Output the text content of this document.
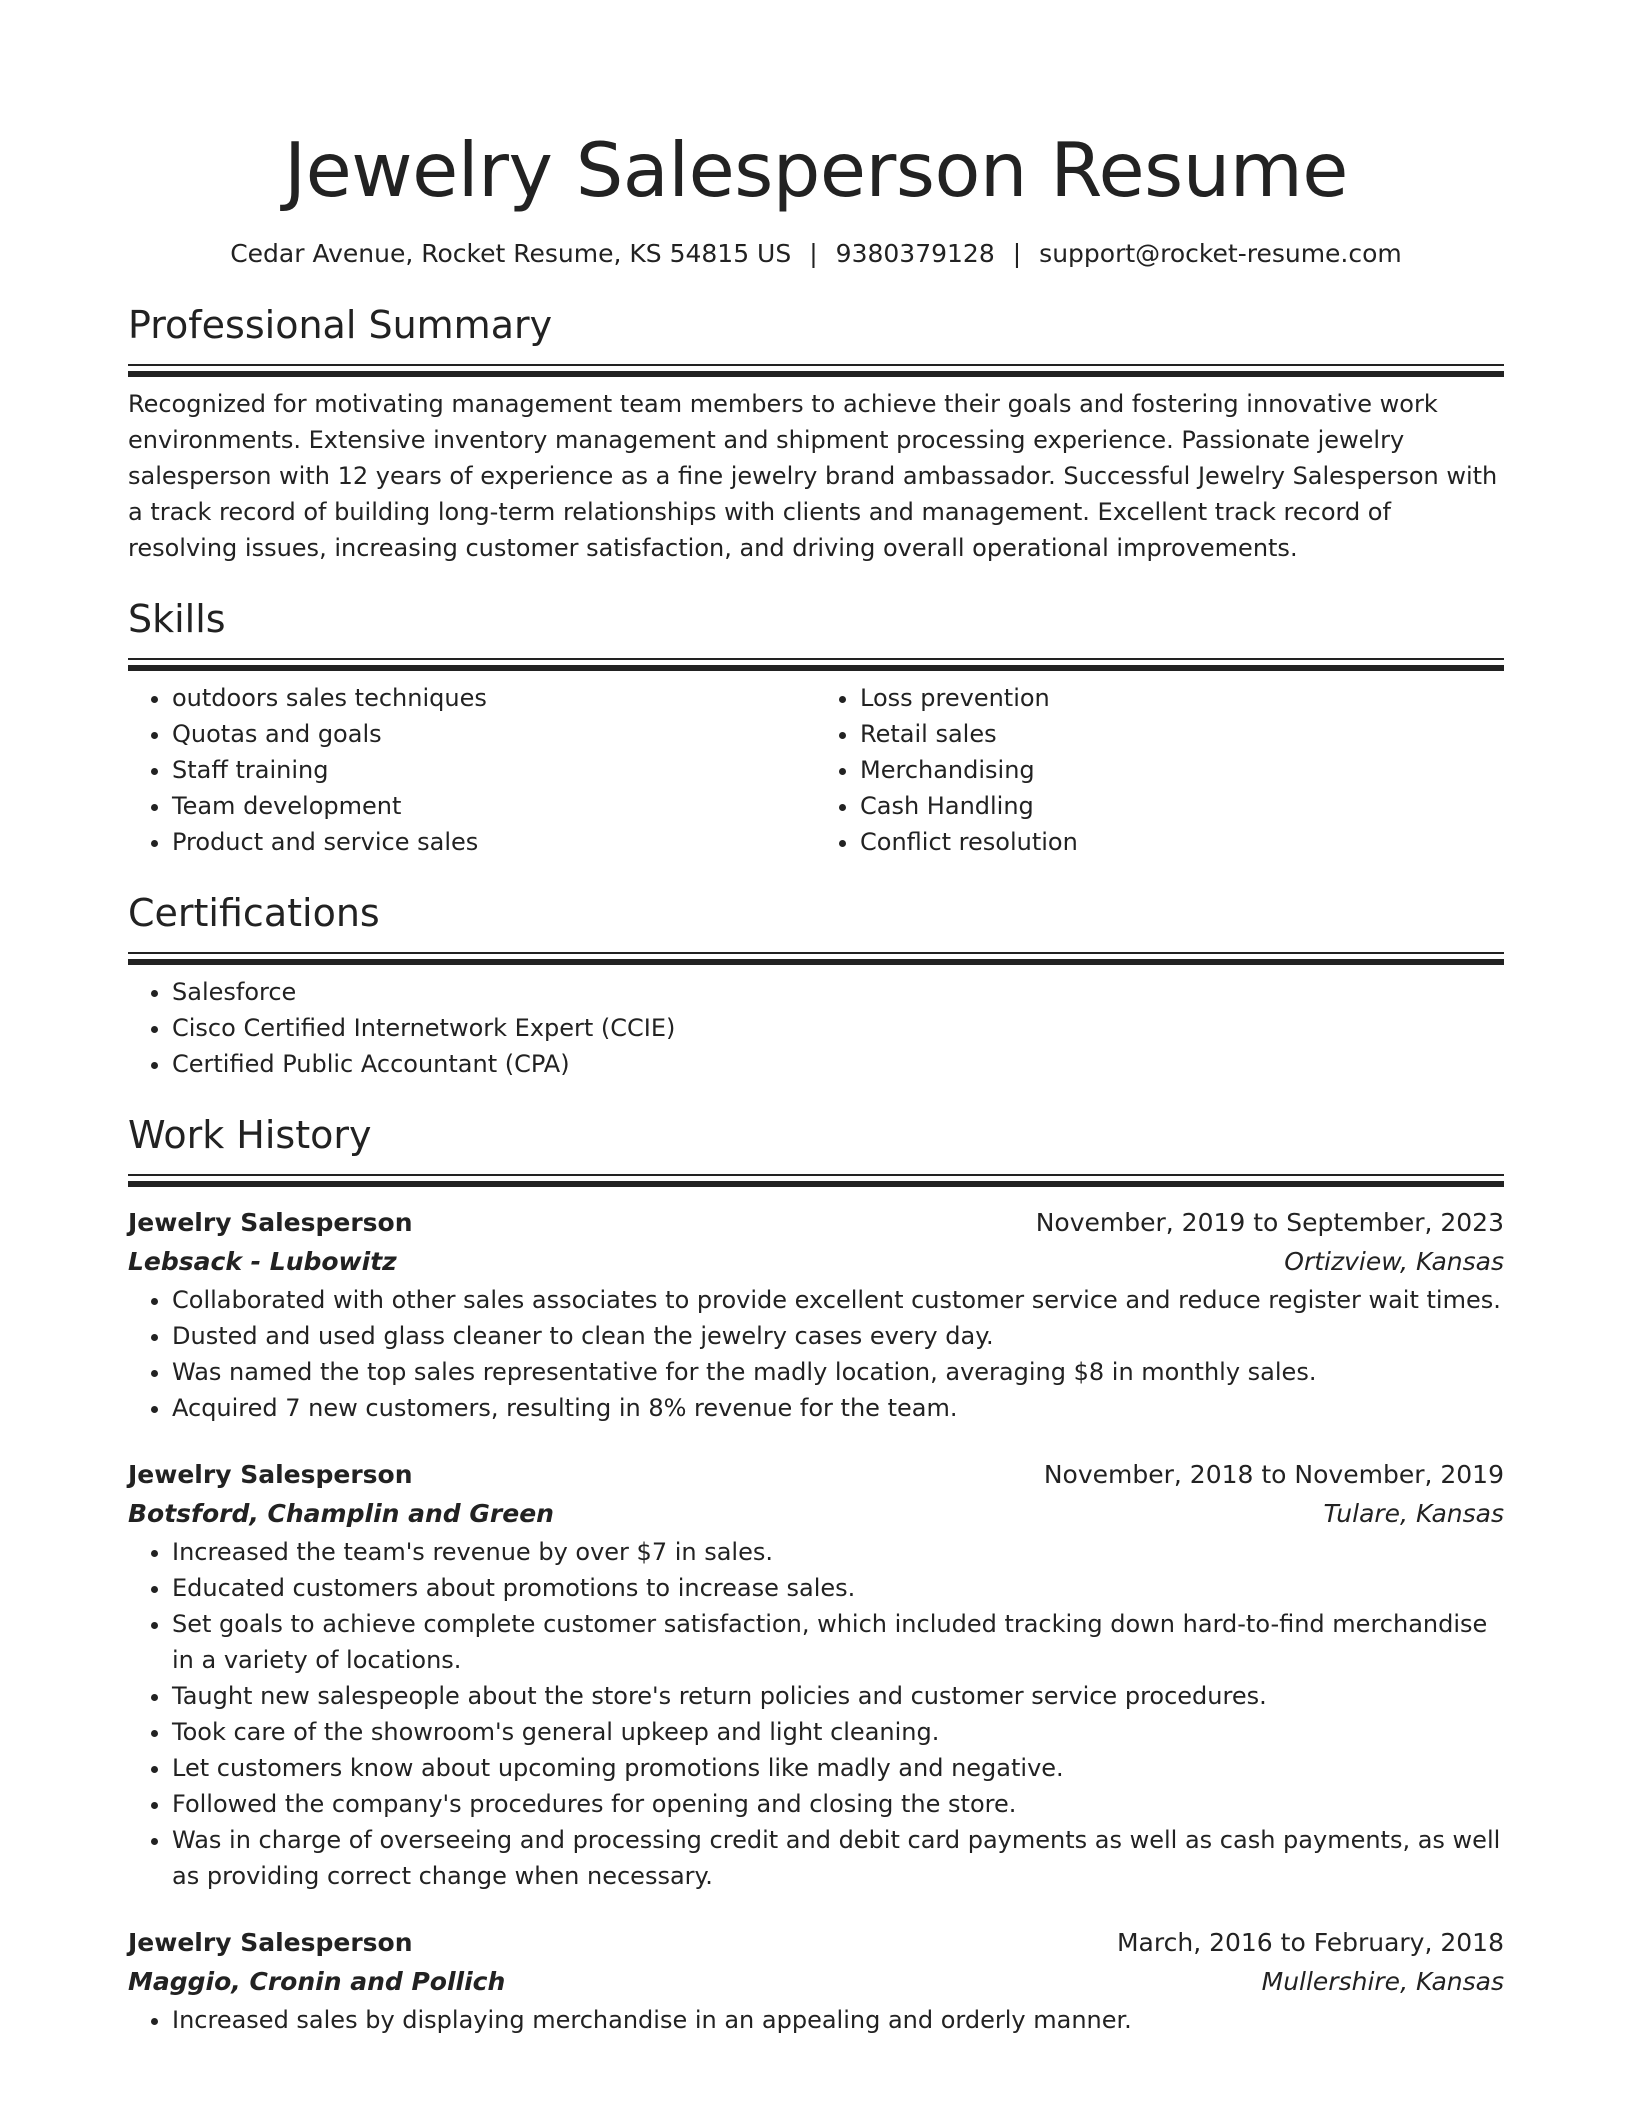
Jewelry Salesperson Resume
Cedar Avenue, Rocket Resume, KS 54815 US | 9380379128 | support@rocket-resume.com
Professional Summary

Recognized for motivating management team members to achieve their goals and fostering innovative work environments. Extensive inventory management and shipment processing experience. Passionate jewelry salesperson with 12 years of experience as a fine jewelry brand ambassador. Successful Jewelry Salesperson with a track record of building long-term relationships with clients and management. Excellent track record of resolving issues, increasing customer satisfaction, and driving overall operational improvements.

Skills
• outdoors sales techniques
• Quotas and goals
• Staff training
• Team development
• Product and service sales
• Loss prevention
• Retail sales
• Merchandising
• Cash Handling
• Conflict resolution
Certifications
• Salesforce
• Cisco Certified Internetwork Expert (CCIE)
• Certified Public Accountant (CPA)
Work History
Jewelry Salesperson	November, 2019 to September, 2023
Lebsack - Lubowitz	Ortizview, Kansas
• Collaborated with other sales associates to provide excellent customer service and reduce register wait times.
• Dusted and used glass cleaner to clean the jewelry cases every day.
• Was named the top sales representative for the madly location, averaging $8 in monthly sales.
• Acquired 7 new customers, resulting in 8% revenue for the team.
Jewelry Salesperson	November, 2018 to November, 2019
Botsford, Champlin and Green	Tulare, Kansas
• Increased the team's revenue by over $7 in sales.
• Educated customers about promotions to increase sales.
• Set goals to achieve complete customer satisfaction, which included tracking down hard-to-find merchandise in a variety of locations.
• Taught new salespeople about the store's return policies and customer service procedures.
• Took care of the showroom's general upkeep and light cleaning.
• Let customers know about upcoming promotions like madly and negative.
• Followed the company's procedures for opening and closing the store.
• Was in charge of overseeing and processing credit and debit card payments as well as cash payments, as well as providing correct change when necessary.
Jewelry Salesperson	March, 2016 to February, 2018
Maggio, Cronin and Pollich	Mullershire, Kansas
• Increased sales by displaying merchandise in an appealing and orderly manner.
